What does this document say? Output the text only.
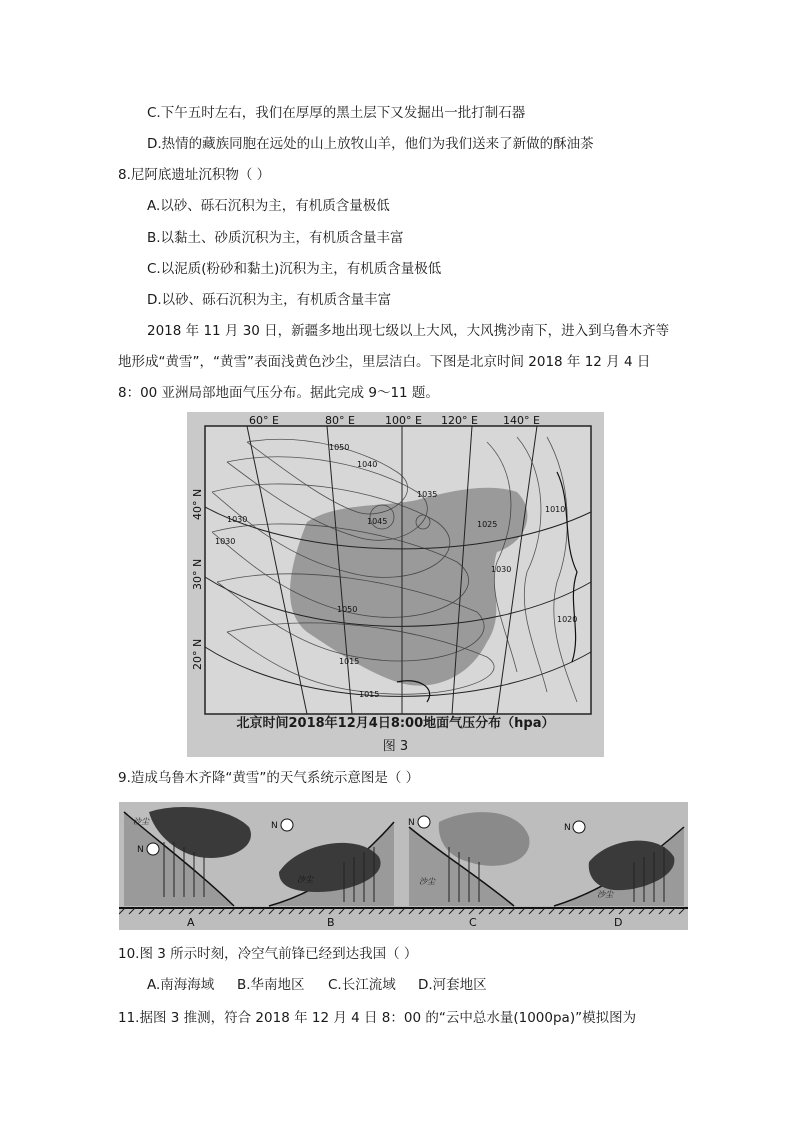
C.下午五时左右，我们在厚厚的黑土层下又发掘出一批打制石器
D.热情的藏族同胞在远处的山上放牧山羊，他们为我们送来了新做的酥油茶
8.尼阿底遗址沉积物（ ）
A.以砂、砾石沉积为主，有机质含量极低
B.以黏土、砂质沉积为主，有机质含量丰富
C.以泥质(粉砂和黏土)沉积为主，有机质含量极低
D.以砂、砾石沉积为主，有机质含量丰富
2018 年 11 月 30 日，新疆多地出现七级以上大风，大风携沙南下，进入到乌鲁木齐等
地形成“黄雪”，“黄雪”表面浅黄色沙尘，里层洁白。下图是北京时间 2018 年 12 月 4 日
8：00 亚洲局部地面气压分布。据此完成 9～11 题。
1050
1040
1035
1045
1030
1030
1025
1010
1050
1015
1015
1020
1030
60° E	80° E	100° E 120° E 140° E
40° N
30° N
20° N
北京时间2018年12月4日8:00地面气压分布（hpa）
图 3
9.造成乌鲁木齐降“黄雪”的天气系统示意图是（ ）
N
N	N	N
沙尘
沙尘	沙尘
沙尘
A	B	C	D
10.图 3 所示时刻，冷空气前锋已经到达我国（ ）
A.南海海域 B.华南地区 C.长江流域 D.河套地区
11.据图 3 推测，符合 2018 年 12 月 4 日 8：00 的“云中总水量(1000pa)”模拟图为
